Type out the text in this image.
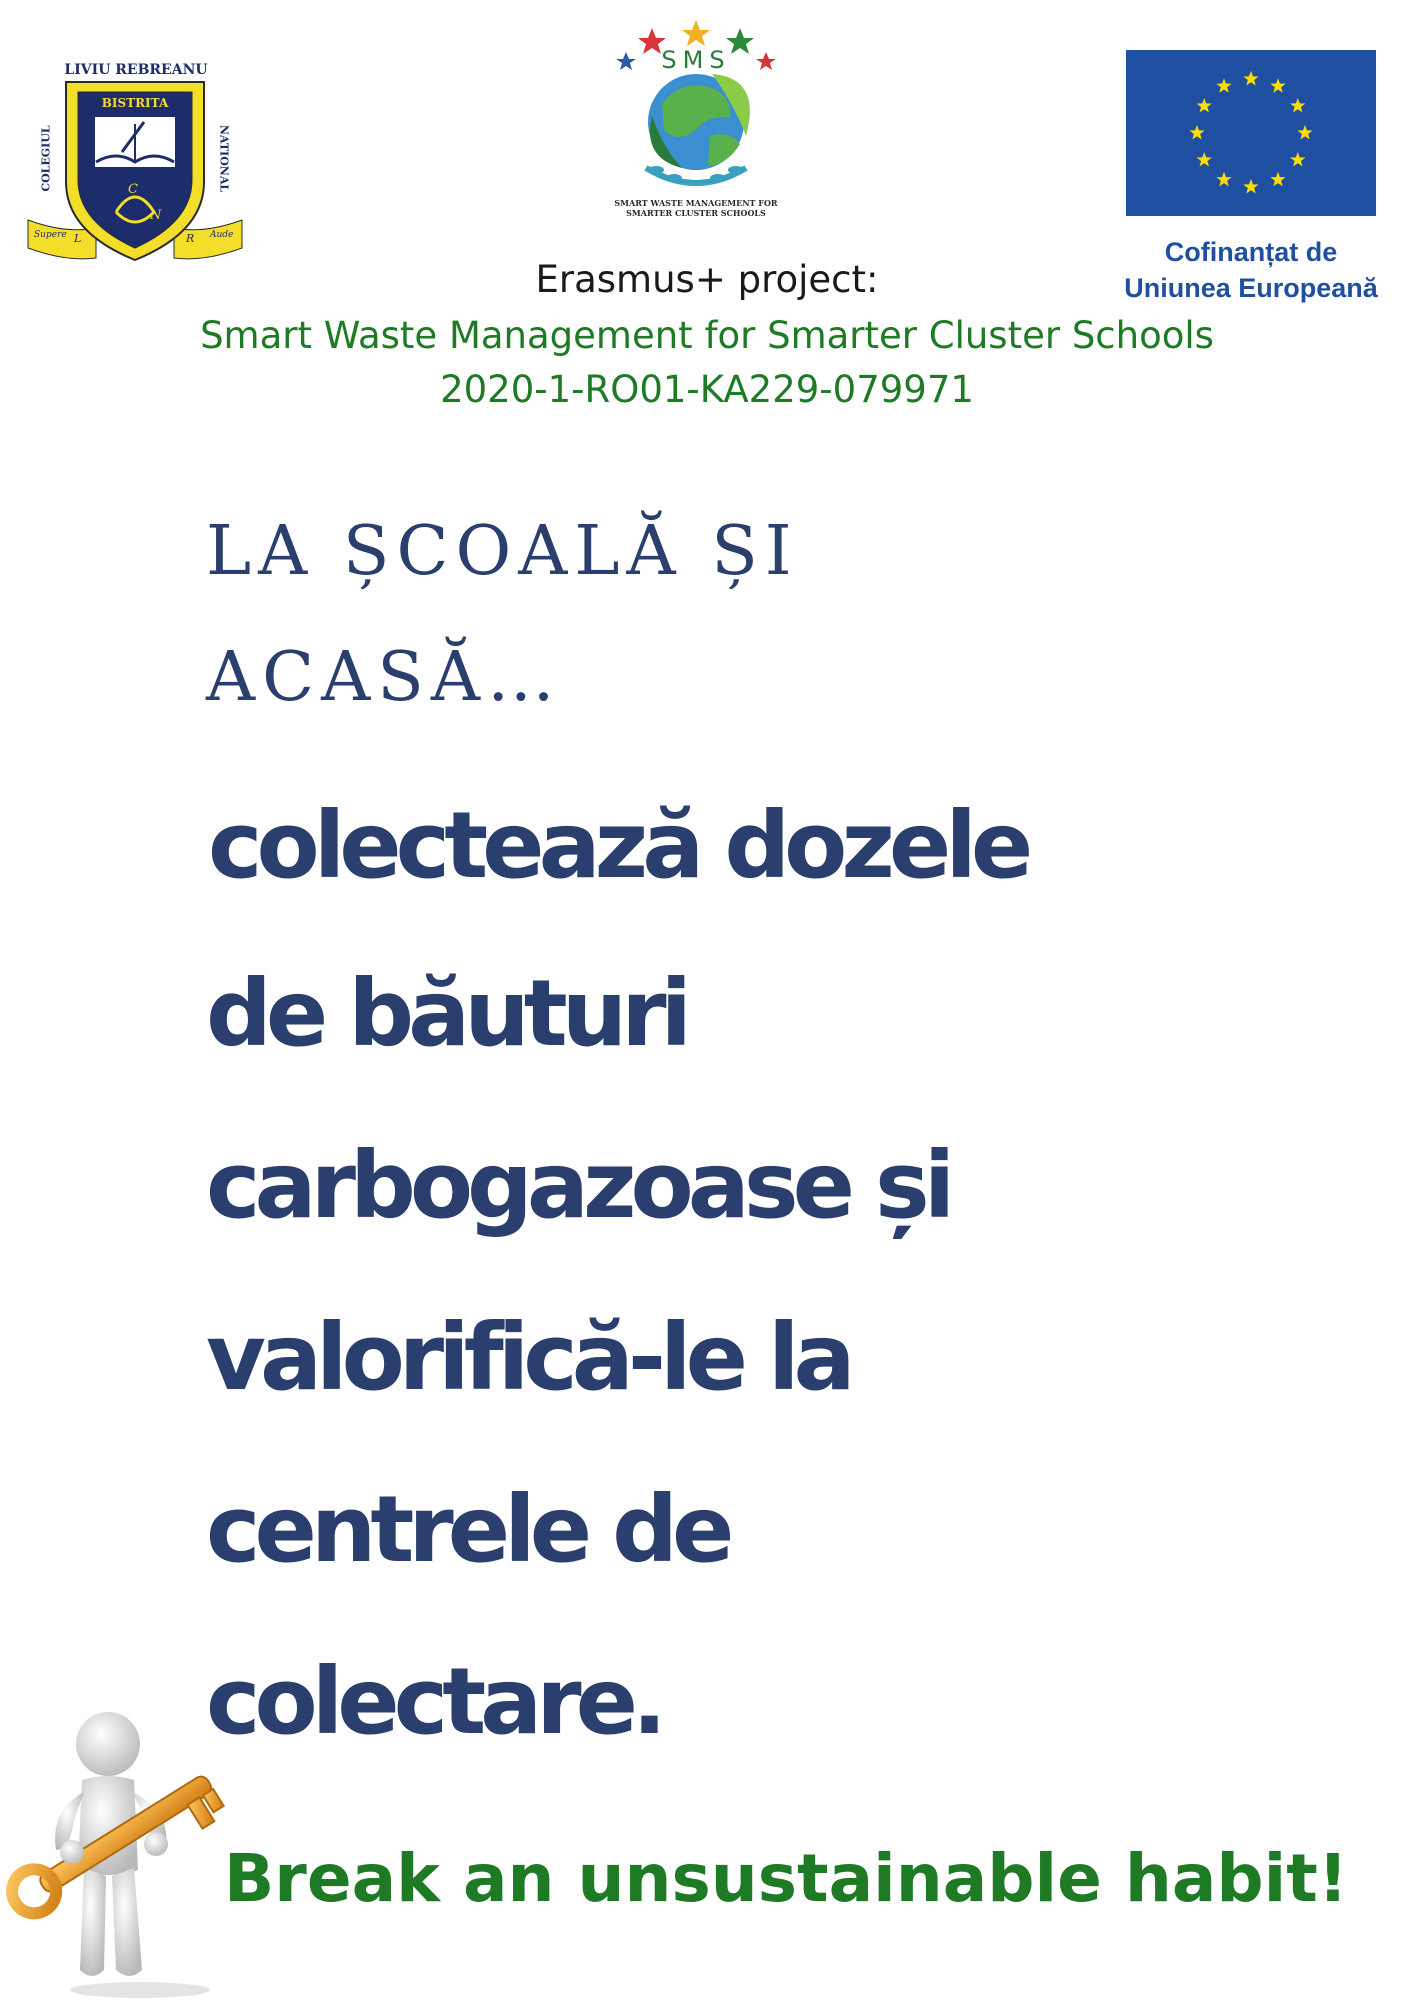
LIVIU REBREANU
BISTRITA
COLEGIUL	NATIONAL
Supere	Aude
C
N
L	R
SMS
SMART WASTE MANAGEMENT FOR
SMARTER CLUSTER SCHOOLS
Cofinanțat de
Uniunea Europeană
Erasmus+ project:
Smart Waste Management for Smarter Cluster Schools
2020-1-RO01-KA229-079971
LA ȘCOALĂ ȘI
ACASĂ…
colectează dozele
de băuturi
carbogazoase și
valorifică-le la
centrele de
colectare.
Break an unsustainable habit!
